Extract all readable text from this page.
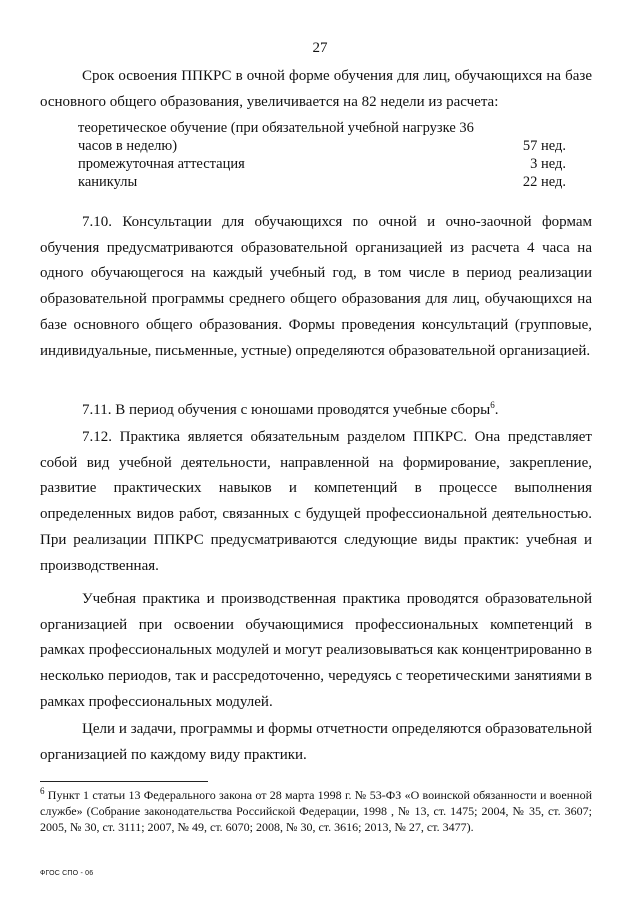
27
Срок освоения ППКРС в очной форме обучения для лиц, обучающихся на базе основного общего образования, увеличивается на 82 недели из расчета:
теоретическое обучение (при обязательной учебной нагрузке 36 часов в неделю)	57 нед.
промежуточная аттестация	3 нед.
каникулы	22 нед.
7.10. Консультации для обучающихся по очной и очно-заочной формам обучения предусматриваются образовательной организацией из расчета 4 часа на одного обучающегося на каждый учебный год, в том числе в период реализации образовательной программы среднего общего образования для лиц, обучающихся на базе основного общего образования. Формы проведения консультаций (групповые, индивидуальные, письменные, устные) определяются образовательной организацией.
7.11. В период обучения с юношами проводятся учебные сборы$^6$.
7.12. Практика является обязательным разделом ППКРС. Она представляет собой вид учебной деятельности, направленной на формирование, закрепление, развитие практических навыков и компетенций в процессе выполнения определенных видов работ, связанных с будущей профессиональной деятельностью. При реализации ППКРС предусматриваются следующие виды практик: учебная и производственная.
Учебная практика и производственная практика проводятся образовательной организацией при освоении обучающимися профессиональных компетенций в рамках профессиональных модулей и могут реализовываться как концентрированно в несколько периодов, так и рассредоточенно, чередуясь с теоретическими занятиями в рамках профессиональных модулей.
Цели и задачи, программы и формы отчетности определяются образовательной организацией по каждому виду практики.
$^6$ Пункт 1 статьи 13 Федерального закона от 28 марта 1998 г. № 53-ФЗ «О воинской обязанности и военной службе» (Собрание законодательства Российской Федерации, 1998 , № 13, ст. 1475; 2004, № 35, ст. 3607; 2005, № 30, ст. 3111; 2007, № 49, ст. 6070; 2008, № 30, ст. 3616; 2013, № 27, ст. 3477).
ФГОС СПО - 06
